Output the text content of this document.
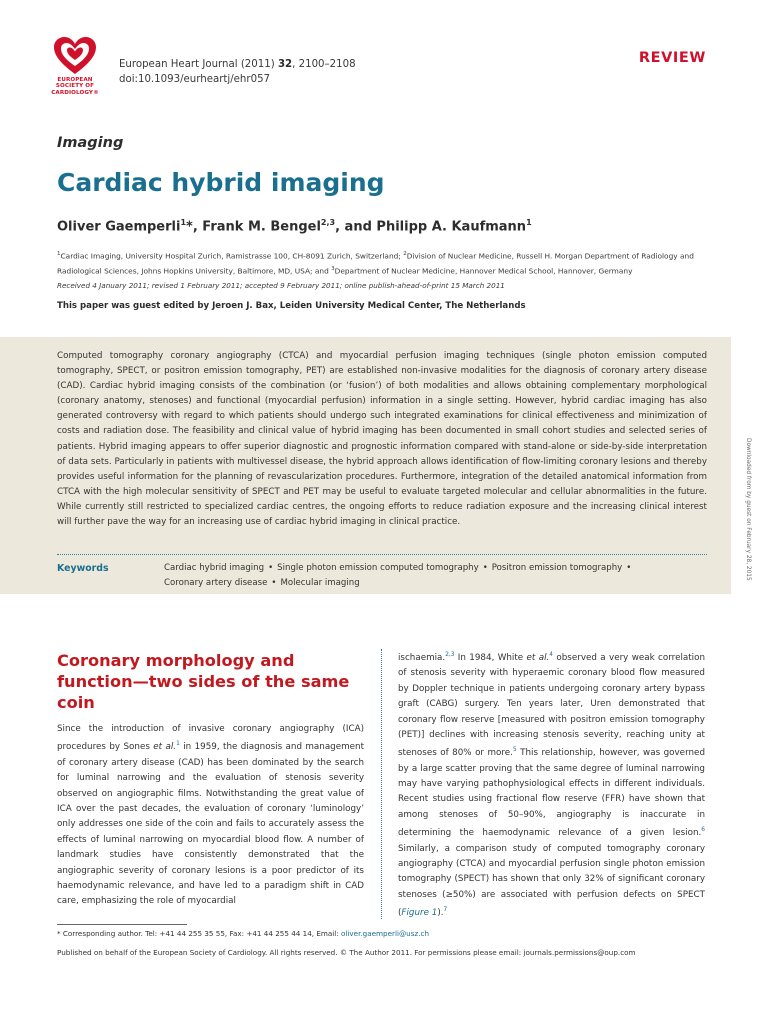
EUROPEAN
SOCIETY OF
CARDIOLOGY®
European Heart Journal (2011) 32, 2100–2108
doi:10.1093/eurheartj/ehr057
REVIEW
Imaging
Cardiac hybrid imaging
Oliver Gaemperli$^1$*, Frank M. Bengel$^{2,3}$, and Philipp A. Kaufmann$^1$
$^1$Cardiac Imaging, University Hospital Zurich, Ramistrasse 100, CH-8091 Zurich, Switzerland; $^2$Division of Nuclear Medicine, Russell H. Morgan Department of Radiology and Radiological Sciences, Johns Hopkins University, Baltimore, MD, USA; and $^3$Department of Nuclear Medicine, Hannover Medical School, Hannover, Germany
Received 4 January 2011; revised 1 February 2011; accepted 9 February 2011; online publish-ahead-of-print 15 March 2011
This paper was guest edited by Jeroen J. Bax, Leiden University Medical Center, The Netherlands
Computed tomography coronary angiography (CTCA) and myocardial perfusion imaging techniques (single photon emission computed tomography, SPECT, or positron emission tomography, PET) are established non-invasive modalities for the diagnosis of coronary artery disease (CAD). Cardiac hybrid imaging consists of the combination (or ‘fusion’) of both modalities and allows obtaining complementary morphological (coronary anatomy, stenoses) and functional (myocardial perfusion) information in a single setting. However, hybrid cardiac imaging has also generated controversy with regard to which patients should undergo such integrated examinations for clinical effectiveness and minimization of costs and radiation dose. The feasibility and clinical value of hybrid imaging has been documented in small cohort studies and selected series of patients. Hybrid imaging appears to offer superior diagnostic and prognostic information compared with stand-alone or side-by-side interpretation of data sets. Particularly in patients with multivessel disease, the hybrid approach allows identification of flow-limiting coronary lesions and thereby provides useful information for the planning of revascularization procedures. Furthermore, integration of the detailed anatomical information from CTCA with the high molecular sensitivity of SPECT and PET may be useful to evaluate targeted molecular and cellular abnormalities in the future. While currently still restricted to specialized cardiac centres, the ongoing efforts to reduce radiation exposure and the increasing clinical interest will further pave the way for an increasing use of cardiac hybrid imaging in clinical practice.
Keywords	Cardiac hybrid imaging • Single photon emission computed tomography • Positron emission tomography •
Coronary artery disease • Molecular imaging
Downloaded from by guest on February 28, 2015
Coronary morphology and function—two sides of the same coin
Since the introduction of invasive coronary angiography (ICA) procedures by Sones et al.$^1$ in 1959, the diagnosis and management of coronary artery disease (CAD) has been dominated by the search for luminal narrowing and the evaluation of stenosis severity observed on angiographic films. Notwithstanding the great value of ICA over the past decades, the evaluation of coronary ‘luminology’ only addresses one side of the coin and fails to accurately assess the effects of luminal narrowing on myocardial blood flow. A number of landmark studies have consistently demonstrated that the angiographic severity of coronary lesions is a poor predictor of its haemodynamic relevance, and have led to a paradigm shift in CAD care, emphasizing the role of myocardial
ischaemia.$^{2,3}$ In 1984, White et al.$^4$ observed a very weak correlation of stenosis severity with hyperaemic coronary blood flow measured by Doppler technique in patients undergoing coronary artery bypass graft (CABG) surgery. Ten years later, Uren demonstrated that coronary flow reserve [measured with positron emission tomography (PET)] declines with increasing stenosis severity, reaching unity at stenoses of 80% or more.$^5$ This relationship, however, was governed by a large scatter proving that the same degree of luminal narrowing may have varying pathophysiological effects in different individuals. Recent studies using fractional flow reserve (FFR) have shown that among stenoses of 50–90%, angiography is inaccurate in determining the haemodynamic relevance of a given lesion.$^6$ Similarly, a comparison study of computed tomography coronary angiography (CTCA) and myocardial perfusion single photon emission tomography (SPECT) has shown that only 32% of significant coronary stenoses (≥50%) are associated with perfusion defects on SPECT (Figure 1).$^7$
* Corresponding author. Tel: +41 44 255 35 55, Fax: +41 44 255 44 14, Email: oliver.gaemperli@usz.ch
Published on behalf of the European Society of Cardiology. All rights reserved. © The Author 2011. For permissions please email: journals.permissions@oup.com
